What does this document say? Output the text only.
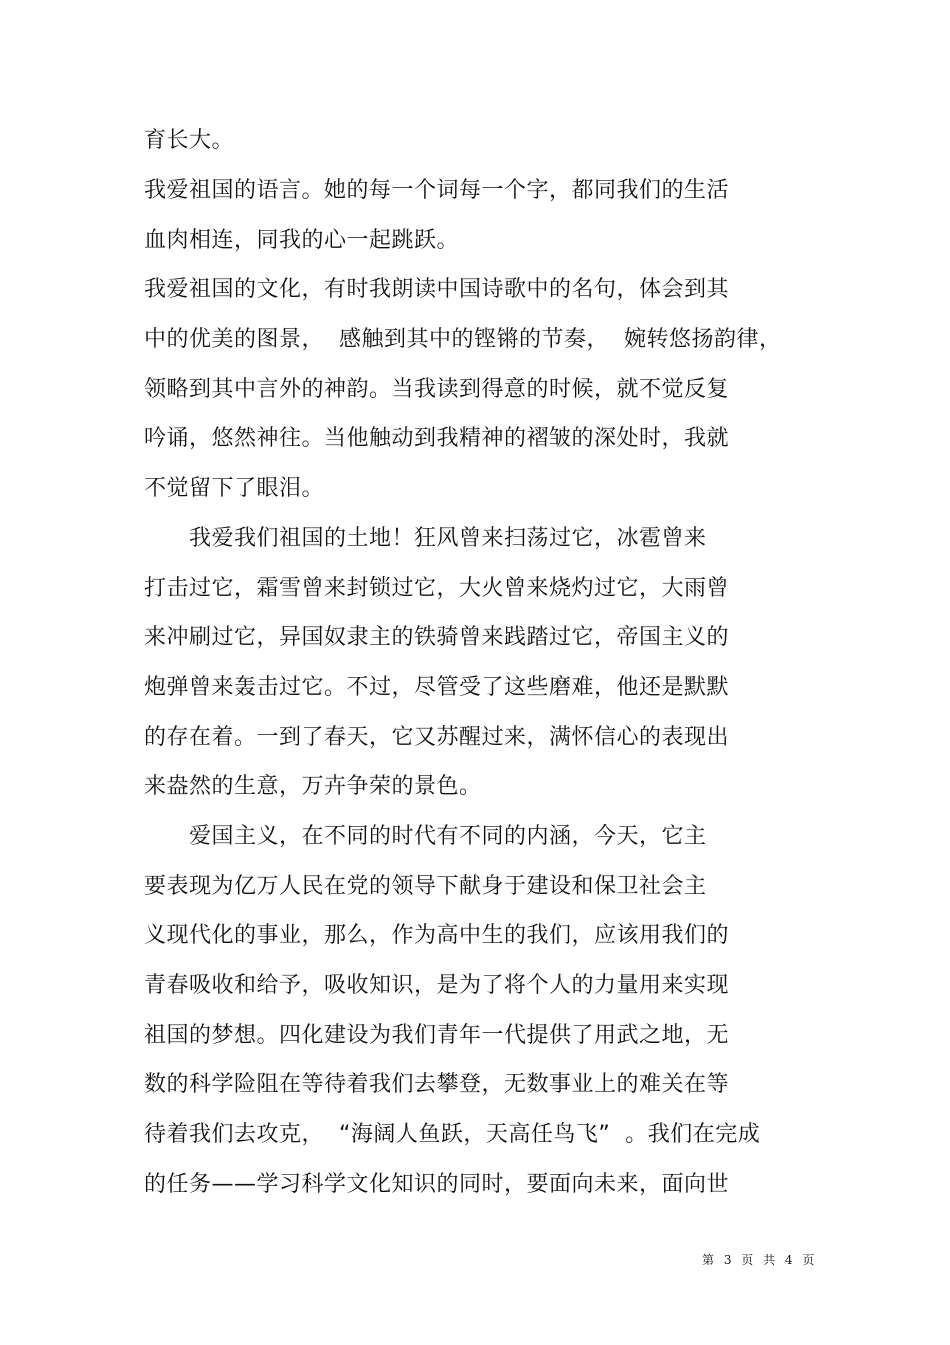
育长大。
我爱祖国的语言。她的每一个词每一个字，都同我们的生活
血肉相连，同我的心一起跳跃。
我爱祖国的文化，有时我朗读中国诗歌中的名句，体会到其
中的优美的图景，  感触到其中的铿锵的节奏，  婉转悠扬韵律，
领略到其中言外的神韵。当我读到得意的时候，就不觉反复
吟诵，悠然神往。当他触动到我精神的褶皱的深处时，我就
不觉留下了眼泪。
我爱我们祖国的土地！狂风曾来扫荡过它，冰雹曾来
打击过它，霜雪曾来封锁过它，大火曾来烧灼过它，大雨曾
来冲刷过它，异国奴隶主的铁骑曾来践踏过它，帝国主义的
炮弹曾来轰击过它。不过，尽管受了这些磨难，他还是默默
的存在着。一到了春天，它又苏醒过来，满怀信心的表现出
来盎然的生意，万卉争荣的景色。
爱国主义，在不同的时代有不同的内涵，今天，它主
要表现为亿万人民在党的领导下献身于建设和保卫社会主
义现代化的事业，那么，作为高中生的我们，应该用我们的
青春吸收和给予，吸收知识，是为了将个人的力量用来实现
祖国的梦想。四化建设为我们青年一代提供了用武之地，无
数的科学险阻在等待着我们去攀登，无数事业上的难关在等
待着我们去攻克，  “海阔人鱼跃，天高任鸟飞”  。我们在完成
的任务——学习科学文化知识的同时，要面向未来，面向世
第 3 页 共 4 页
